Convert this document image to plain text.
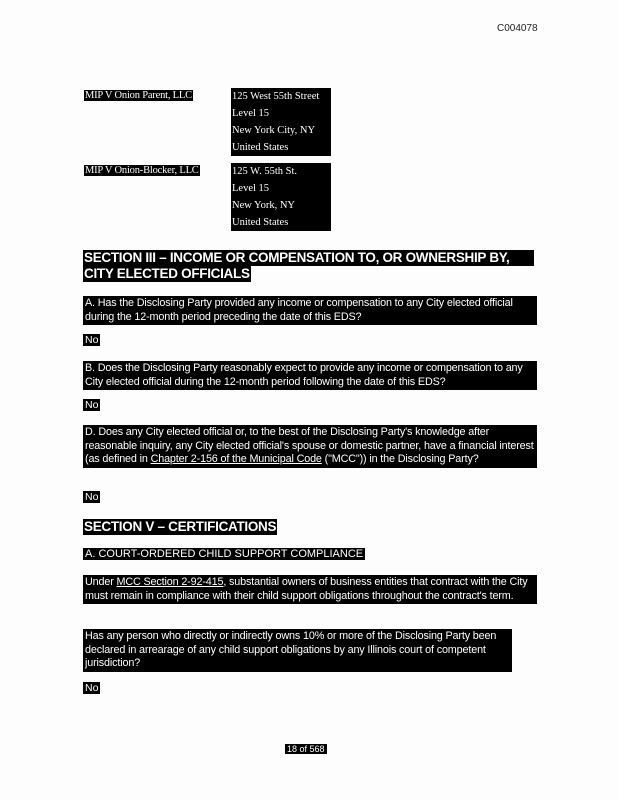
C004078
MIP V Onion Parent, LLC	125 West 55th Street
Level 15
New York City, NY
United States
MIP V Onion-Blocker, LLC	125 W. 55th St.
Level 15
New York, NY
United States
SECTION III – INCOME OR COMPENSATION TO, OR OWNERSHIP BY,
CITY ELECTED OFFICIALS
A. Has the Disclosing Party provided any income or compensation to any City elected official during the 12-month period preceding the date of this EDS?
No
B. Does the Disclosing Party reasonably expect to provide any income or compensation to any City elected official during the 12-month period following the date of this EDS?
No
D. Does any City elected official or, to the best of the Disclosing Party's knowledge after reasonable inquiry, any City elected official's spouse or domestic partner, have a financial interest (as defined in Chapter 2-156 of the Municipal Code ("MCC")) in the Disclosing Party?
No
SECTION V – CERTIFICATIONS
A. COURT-ORDERED CHILD SUPPORT COMPLIANCE
Under MCC Section 2-92-415, substantial owners of business entities that contract with the City must remain in compliance with their child support obligations throughout the contract's term.
Has any person who directly or indirectly owns 10% or more of the Disclosing Party been declared in arrearage of any child support obligations by any Illinois court of competent jurisdiction?
No
18 of 568
